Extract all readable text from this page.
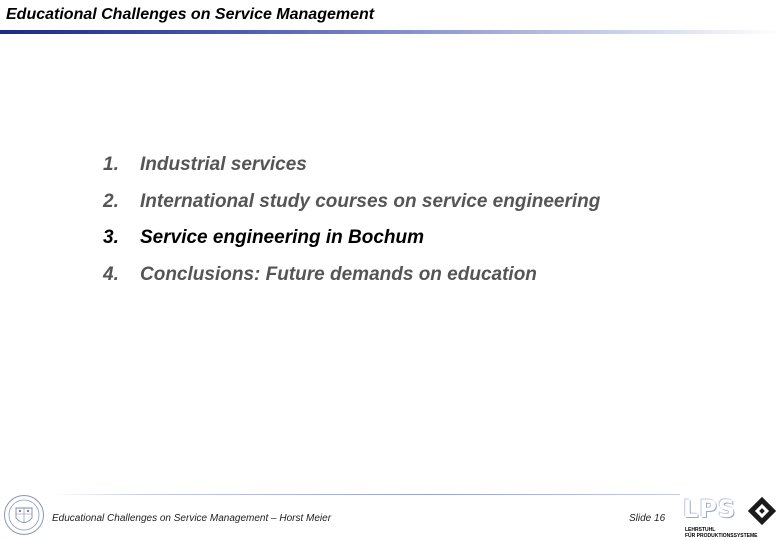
Educational Challenges on Service Management
1.	Industrial services
2.	International study courses on service engineering
3.	Service engineering in Bochum
4.	Conclusions: Future demands on education
Educational Challenges on Service Management – Horst Meier	Slide 16 LPS
LEHRSTUHL
FÜR PRODUKTIONSSYSTEME
